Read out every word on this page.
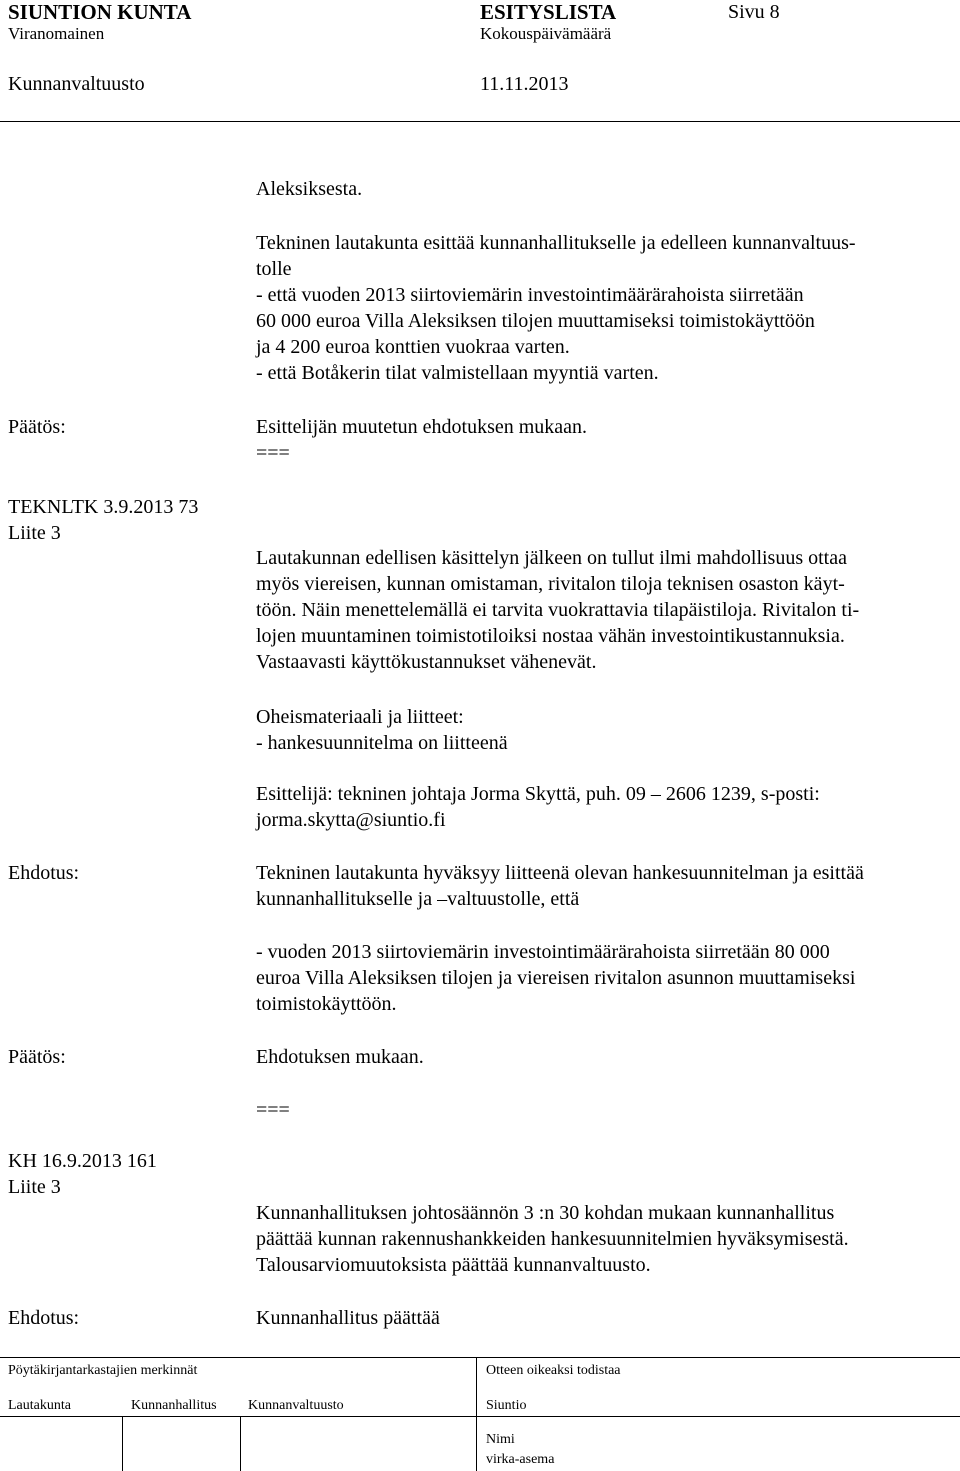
SIUNTION KUNTA	ESITYSLISTA	Sivu 8
Viranomainen	Kokouspäivämäärä
Kunnanvaltuusto	11.11.2013
Aleksiksesta.
Tekninen lautakunta esittää kunnanhallitukselle ja edelleen kunnanvaltuus-
tolle
- että vuoden 2013 siirtoviemärin investointimäärärahoista siirretään
60 000 euroa Villa Aleksiksen tilojen muuttamiseksi toimistokäyttöön
ja 4 200 euroa konttien vuokraa varten.
- että Botåkerin tilat valmistellaan myyntiä varten.
Päätös:	Esittelijän muutetun ehdotuksen mukaan.
===
TEKNLTK 3.9.2013 73
Liite 3
Lautakunnan edellisen käsittelyn jälkeen on tullut ilmi mahdollisuus ottaa
myös viereisen, kunnan omistaman, rivitalon tiloja teknisen osaston käyt-
töön. Näin menettelemällä ei tarvita vuokrattavia tilapäistiloja. Rivitalon ti-
lojen muuntaminen toimistotiloiksi nostaa vähän investointikustannuksia.
Vastaavasti käyttökustannukset vähenevät.
Oheismateriaali ja liitteet:
- hankesuunnitelma on liitteenä
Esittelijä: tekninen johtaja Jorma Skyttä, puh. 09 – 2606 1239, s-posti:
jorma.skytta@siuntio.fi
Ehdotus:	Tekninen lautakunta hyväksyy liitteenä olevan hankesuunnitelman ja esittää
kunnanhallitukselle ja –valtuustolle, että
- vuoden 2013 siirtoviemärin investointimäärärahoista siirretään 80 000
euroa Villa Aleksiksen tilojen ja viereisen rivitalon asunnon muuttamiseksi
toimistokäyttöön.
Päätös:	Ehdotuksen mukaan.
===
KH 16.9.2013 161
Liite 3
Kunnanhallituksen johtosäännön 3 :n 30 kohdan mukaan kunnanhallitus
päättää kunnan rakennushankkeiden hankesuunnitelmien hyväksymisestä.
Talousarviomuutoksista päättää kunnanvaltuusto.
Ehdotus:	Kunnanhallitus päättää
Pöytäkirjantarkastajien merkinnät	Otteen oikeaksi todistaa
Lautakunta	Kunnanhallitus Kunnanvaltuusto	Siuntio
Nimi
virka-asema
